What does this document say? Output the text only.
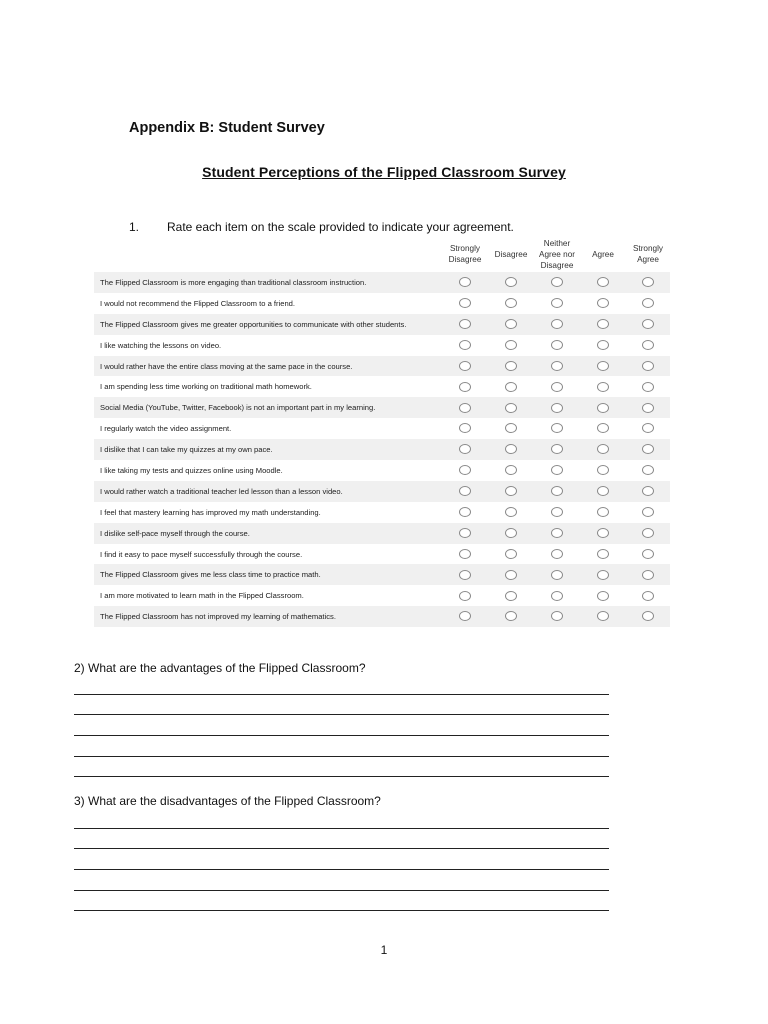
Appendix B: Student Survey
Student Perceptions of the Flipped Classroom Survey
1. Rate each item on the scale provided to indicate your agreement.
	Strongly Disagree	Disagree	Neither Agree nor Disagree	Agree	Strongly Agree
The Flipped Classroom is more engaging than traditional classroom instruction.					
I would not recommend the Flipped Classroom to a friend.					
The Flipped Classroom gives me greater opportunities to communicate with other students.					
I like watching the lessons on video.					
I would rather have the entire class moving at the same pace in the course.					
I am spending less time working on traditional math homework.					
Social Media (YouTube, Twitter, Facebook) is not an important part in my learning.					
I regularly watch the video assignment.					
I dislike that I can take my quizzes at my own pace.					
I like taking my tests and quizzes online using Moodle.					
I would rather watch a traditional teacher led lesson than a lesson video.					
I feel that mastery learning has improved my math understanding.					
I dislike self-pace myself through the course.					
I find it easy to pace myself successfully through the course.					
The Flipped Classroom gives me less class time to practice math.					
I am more motivated to learn math in the Flipped Classroom.					
The Flipped Classroom has not improved my learning of mathematics.					
2) What are the advantages of the Flipped Classroom?
3) What are the disadvantages of the Flipped Classroom?
1
